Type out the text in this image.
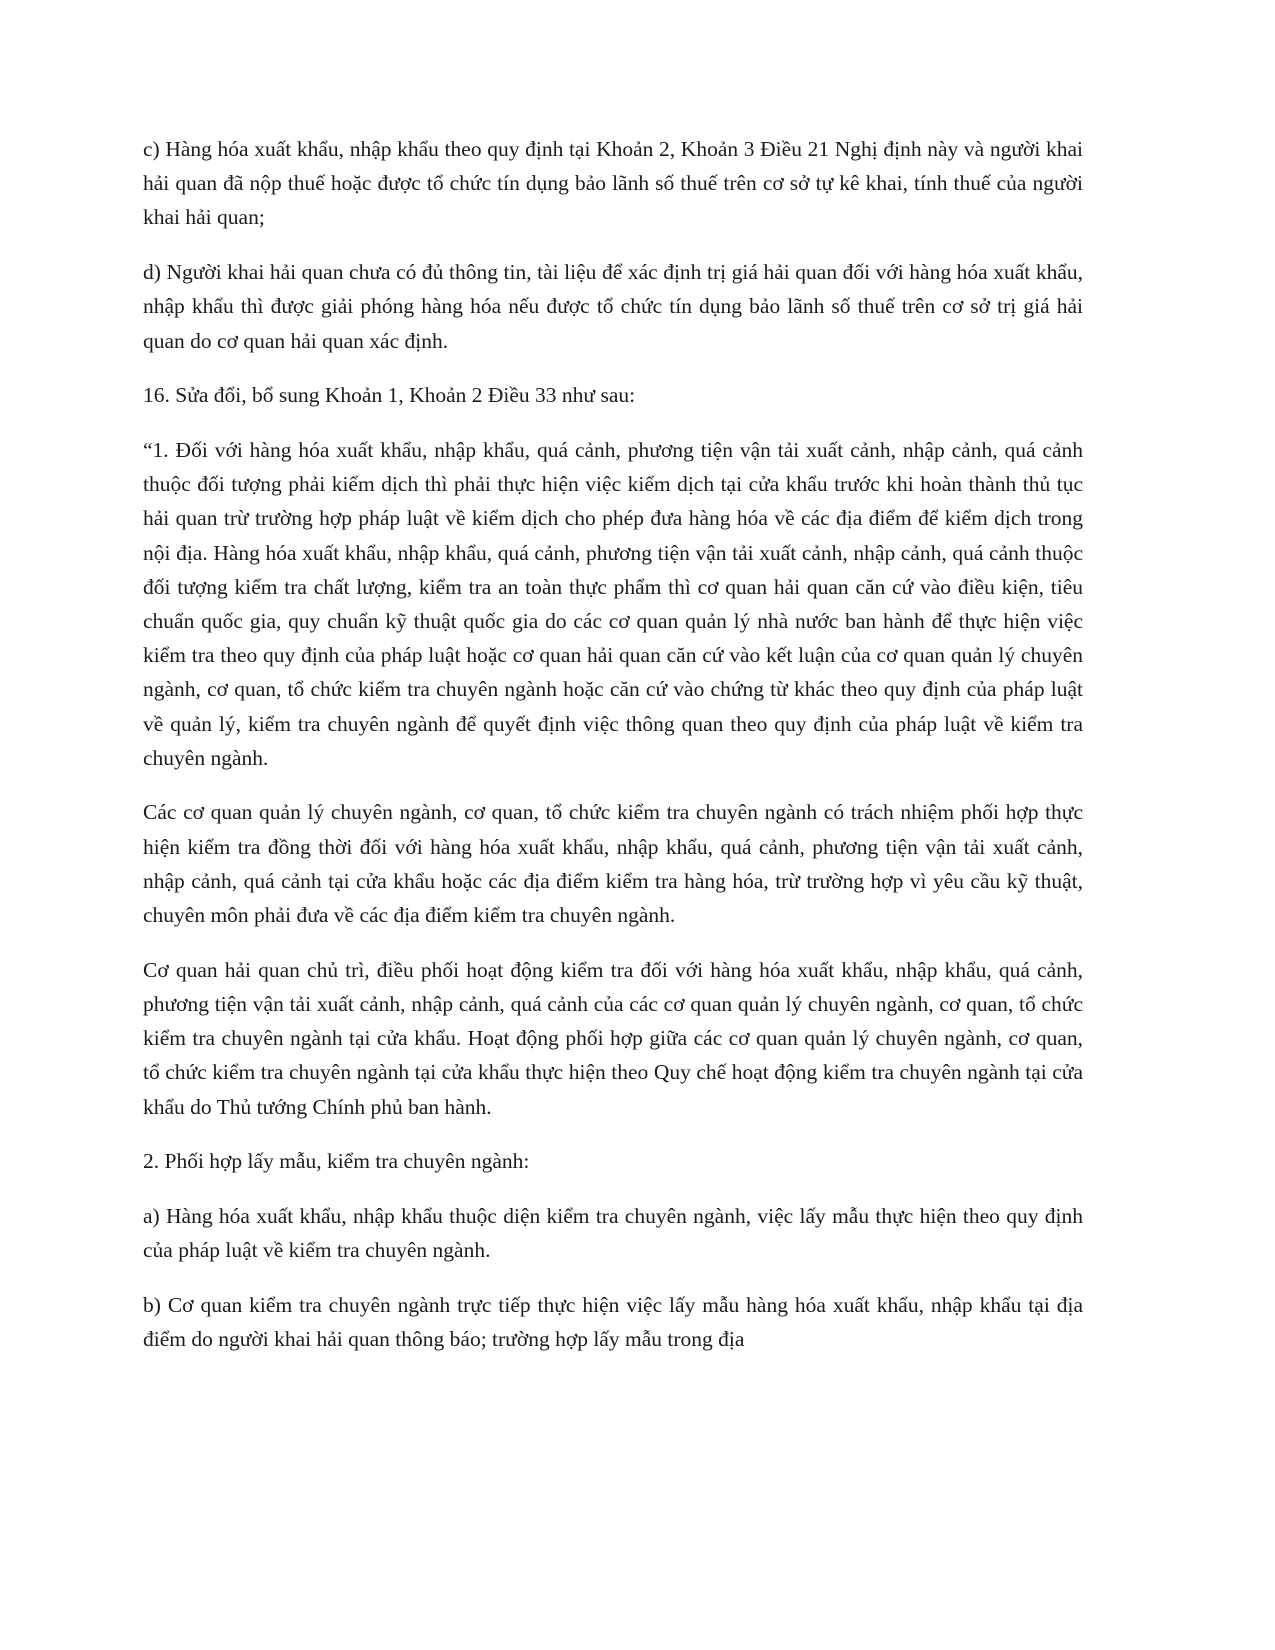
c) Hàng hóa xuất khẩu, nhập khẩu theo quy định tại Khoản 2, Khoản 3 Điều 21 Nghị định này và người khai hải quan đã nộp thuế hoặc được tổ chức tín dụng bảo lãnh số thuế trên cơ sở tự kê khai, tính thuế của người khai hải quan;

d) Người khai hải quan chưa có đủ thông tin, tài liệu để xác định trị giá hải quan đối với hàng hóa xuất khẩu, nhập khẩu thì được giải phóng hàng hóa nếu được tổ chức tín dụng bảo lãnh số thuế trên cơ sở trị giá hải quan do cơ quan hải quan xác định.

16. Sửa đổi, bổ sung Khoản 1, Khoản 2 Điều 33 như sau:

“1. Đối với hàng hóa xuất khẩu, nhập khẩu, quá cảnh, phương tiện vận tải xuất cảnh, nhập cảnh, quá cảnh thuộc đối tượng phải kiểm dịch thì phải thực hiện việc kiểm dịch tại cửa khẩu trước khi hoàn thành thủ tục hải quan trừ trường hợp pháp luật về kiểm dịch cho phép đưa hàng hóa về các địa điểm để kiểm dịch trong nội địa. Hàng hóa xuất khẩu, nhập khẩu, quá cảnh, phương tiện vận tải xuất cảnh, nhập cảnh, quá cảnh thuộc đối tượng kiểm tra chất lượng, kiểm tra an toàn thực phẩm thì cơ quan hải quan căn cứ vào điều kiện, tiêu chuẩn quốc gia, quy chuẩn kỹ thuật quốc gia do các cơ quan quản lý nhà nước ban hành để thực hiện việc kiểm tra theo quy định của pháp luật hoặc cơ quan hải quan căn cứ vào kết luận của cơ quan quản lý chuyên ngành, cơ quan, tổ chức kiểm tra chuyên ngành hoặc căn cứ vào chứng từ khác theo quy định của pháp luật về quản lý, kiểm tra chuyên ngành để quyết định việc thông quan theo quy định của pháp luật về kiểm tra chuyên ngành.

Các cơ quan quản lý chuyên ngành, cơ quan, tổ chức kiểm tra chuyên ngành có trách nhiệm phối hợp thực hiện kiểm tra đồng thời đối với hàng hóa xuất khẩu, nhập khẩu, quá cảnh, phương tiện vận tải xuất cảnh, nhập cảnh, quá cảnh tại cửa khẩu hoặc các địa điểm kiểm tra hàng hóa, trừ trường hợp vì yêu cầu kỹ thuật, chuyên môn phải đưa về các địa điểm kiểm tra chuyên ngành.

Cơ quan hải quan chủ trì, điều phối hoạt động kiểm tra đối với hàng hóa xuất khẩu, nhập khẩu, quá cảnh, phương tiện vận tải xuất cảnh, nhập cảnh, quá cảnh của các cơ quan quản lý chuyên ngành, cơ quan, tổ chức kiểm tra chuyên ngành tại cửa khẩu. Hoạt động phối hợp giữa các cơ quan quản lý chuyên ngành, cơ quan, tổ chức kiểm tra chuyên ngành tại cửa khẩu thực hiện theo Quy chế hoạt động kiểm tra chuyên ngành tại cửa khẩu do Thủ tướng Chính phủ ban hành.

2. Phối hợp lấy mẫu, kiểm tra chuyên ngành:

a) Hàng hóa xuất khẩu, nhập khẩu thuộc diện kiểm tra chuyên ngành, việc lấy mẫu thực hiện theo quy định của pháp luật về kiểm tra chuyên ngành.

b) Cơ quan kiểm tra chuyên ngành trực tiếp thực hiện việc lấy mẫu hàng hóa xuất khẩu, nhập khẩu tại địa điểm do người khai hải quan thông báo; trường hợp lấy mẫu trong địa
